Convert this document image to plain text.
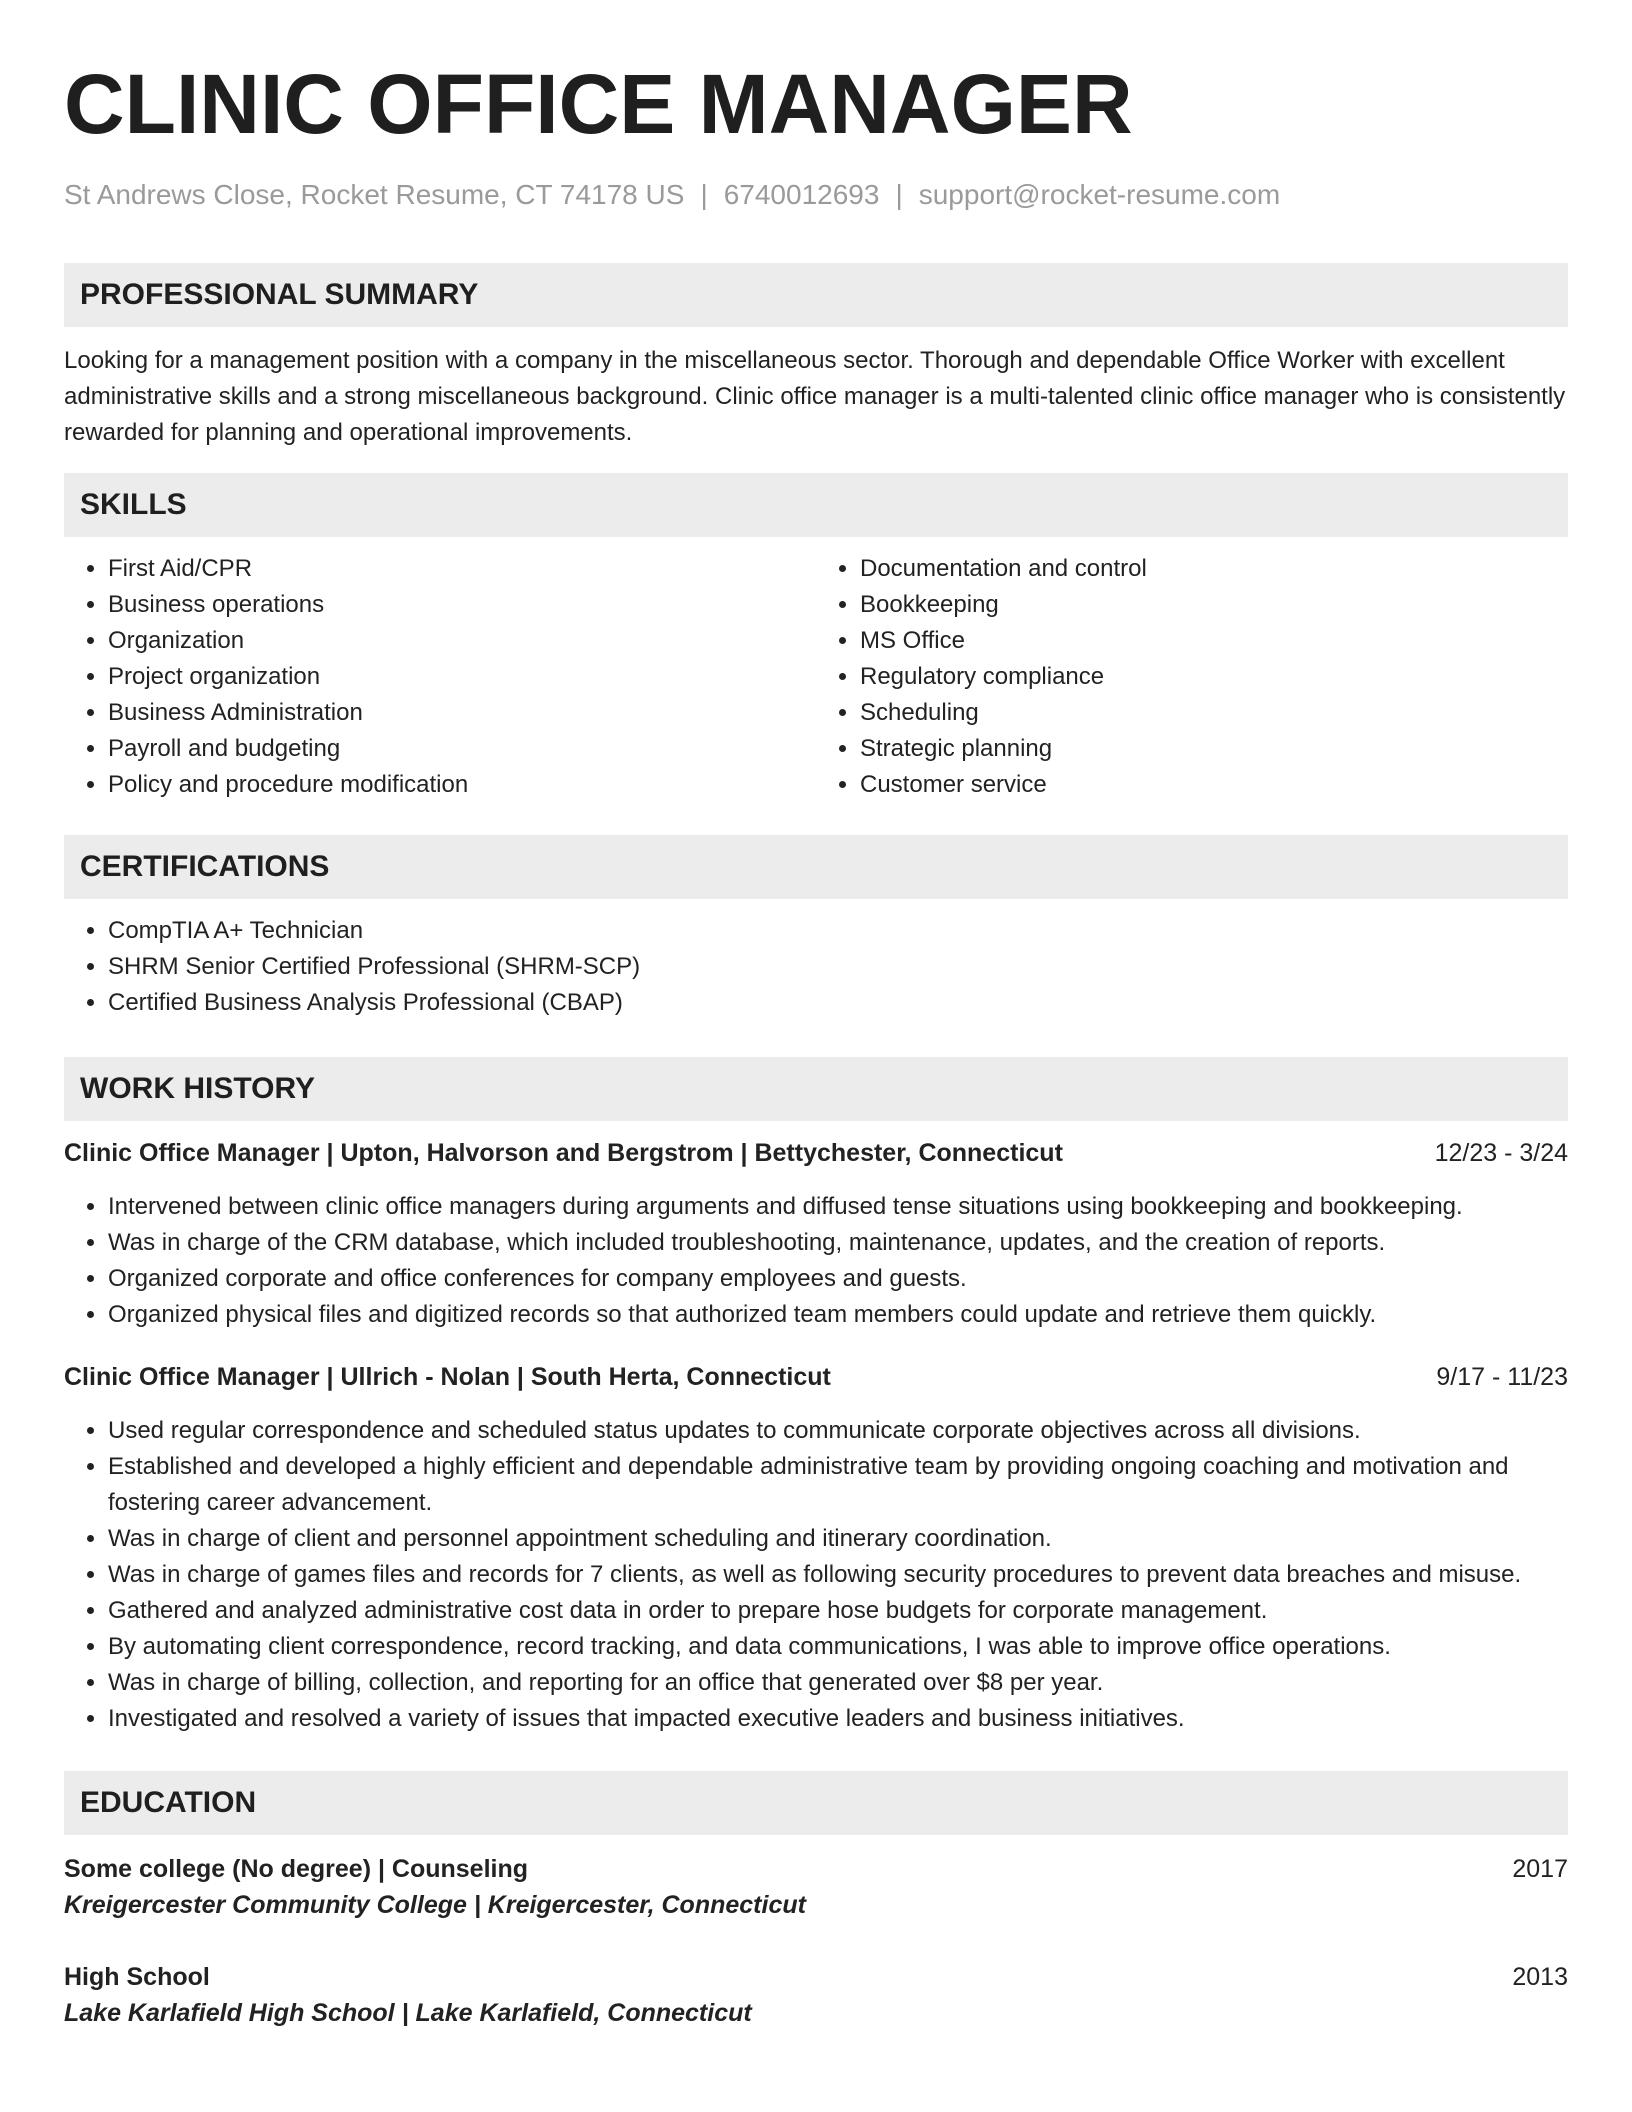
CLINIC OFFICE MANAGER
St Andrews Close, Rocket Resume, CT 74178 US | 6740012693 | support@rocket-resume.com
PROFESSIONAL SUMMARY

Looking for a management position with a company in the miscellaneous sector. Thorough and dependable Office Worker with excellent administrative skills and a strong miscellaneous background. Clinic office manager is a multi-talented clinic office manager who is consistently rewarded for planning and operational improvements.

SKILLS
• First Aid/CPR
• Business operations
• Organization
• Project organization
• Business Administration
• Payroll and budgeting
• Policy and procedure modification
• Documentation and control
• Bookkeeping
• MS Office
• Regulatory compliance
• Scheduling
• Strategic planning
• Customer service
CERTIFICATIONS
• CompTIA A+ Technician
• SHRM Senior Certified Professional (SHRM-SCP)
• Certified Business Analysis Professional (CBAP)
WORK HISTORY
Clinic Office Manager | Upton, Halvorson and Bergstrom | Bettychester, Connecticut	12/23 - 3/24
• Intervened between clinic office managers during arguments and diffused tense situations using bookkeeping and bookkeeping.
• Was in charge of the CRM database, which included troubleshooting, maintenance, updates, and the creation of reports.
• Organized corporate and office conferences for company employees and guests.
• Organized physical files and digitized records so that authorized team members could update and retrieve them quickly.
Clinic Office Manager | Ullrich - Nolan | South Herta, Connecticut	9/17 - 11/23
• Used regular correspondence and scheduled status updates to communicate corporate objectives across all divisions.
• Established and developed a highly efficient and dependable administrative team by providing ongoing coaching and motivation and fostering career advancement.
• Was in charge of client and personnel appointment scheduling and itinerary coordination.
• Was in charge of games files and records for 7 clients, as well as following security procedures to prevent data breaches and misuse.
• Gathered and analyzed administrative cost data in order to prepare hose budgets for corporate management.
• By automating client correspondence, record tracking, and data communications, I was able to improve office operations.
• Was in charge of billing, collection, and reporting for an office that generated over $8 per year.
• Investigated and resolved a variety of issues that impacted executive leaders and business initiatives.
EDUCATION
Some college (No degree) | Counseling	2017
Kreigercester Community College | Kreigercester, Connecticut
High School	2013
Lake Karlafield High School | Lake Karlafield, Connecticut
